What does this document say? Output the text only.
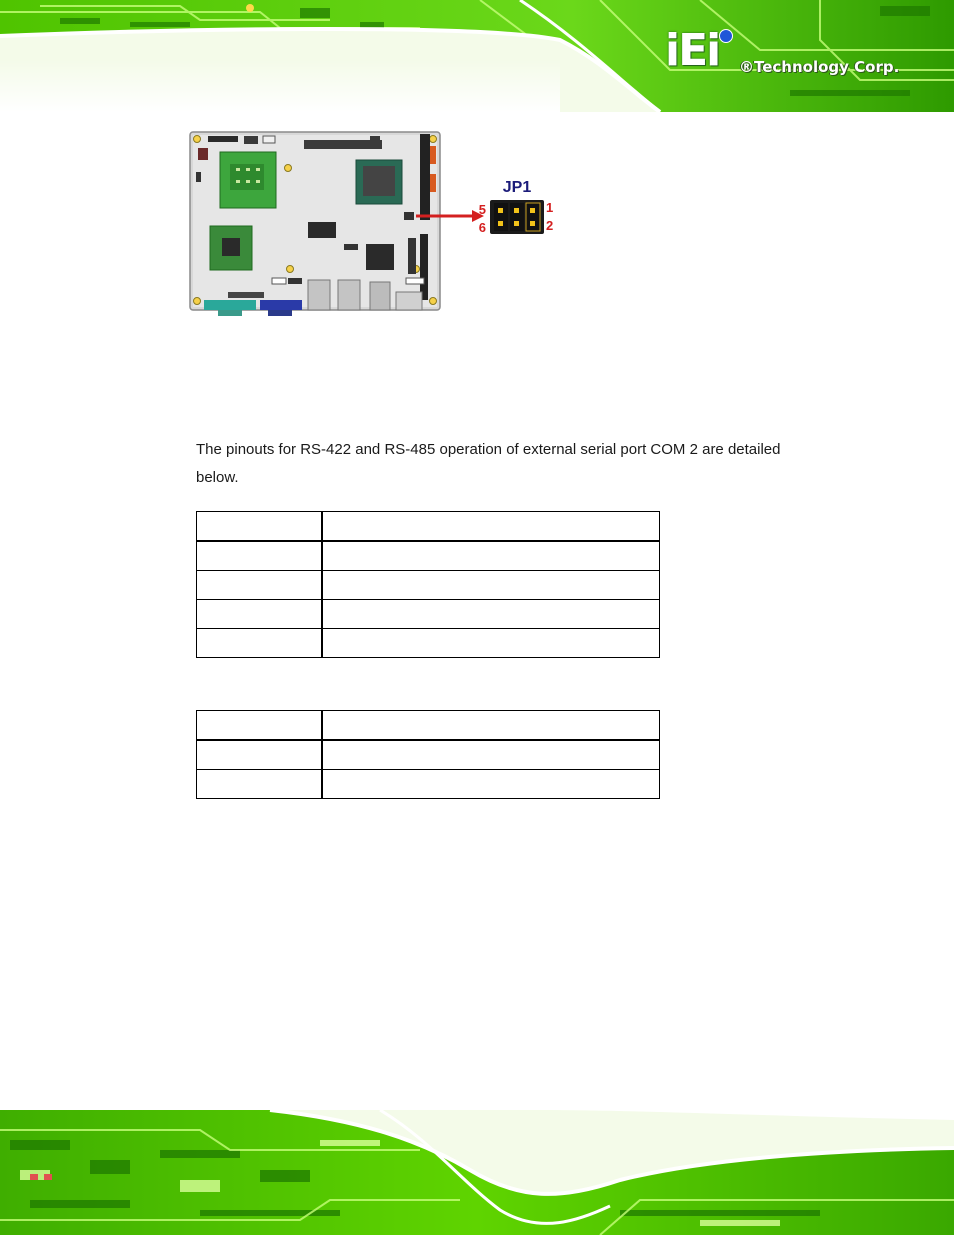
iEi ®Technology Corp.
JP1
5
6
1
2
The pinouts for RS-422 and RS-485 operation of external serial port COM 2 are detailed below.
